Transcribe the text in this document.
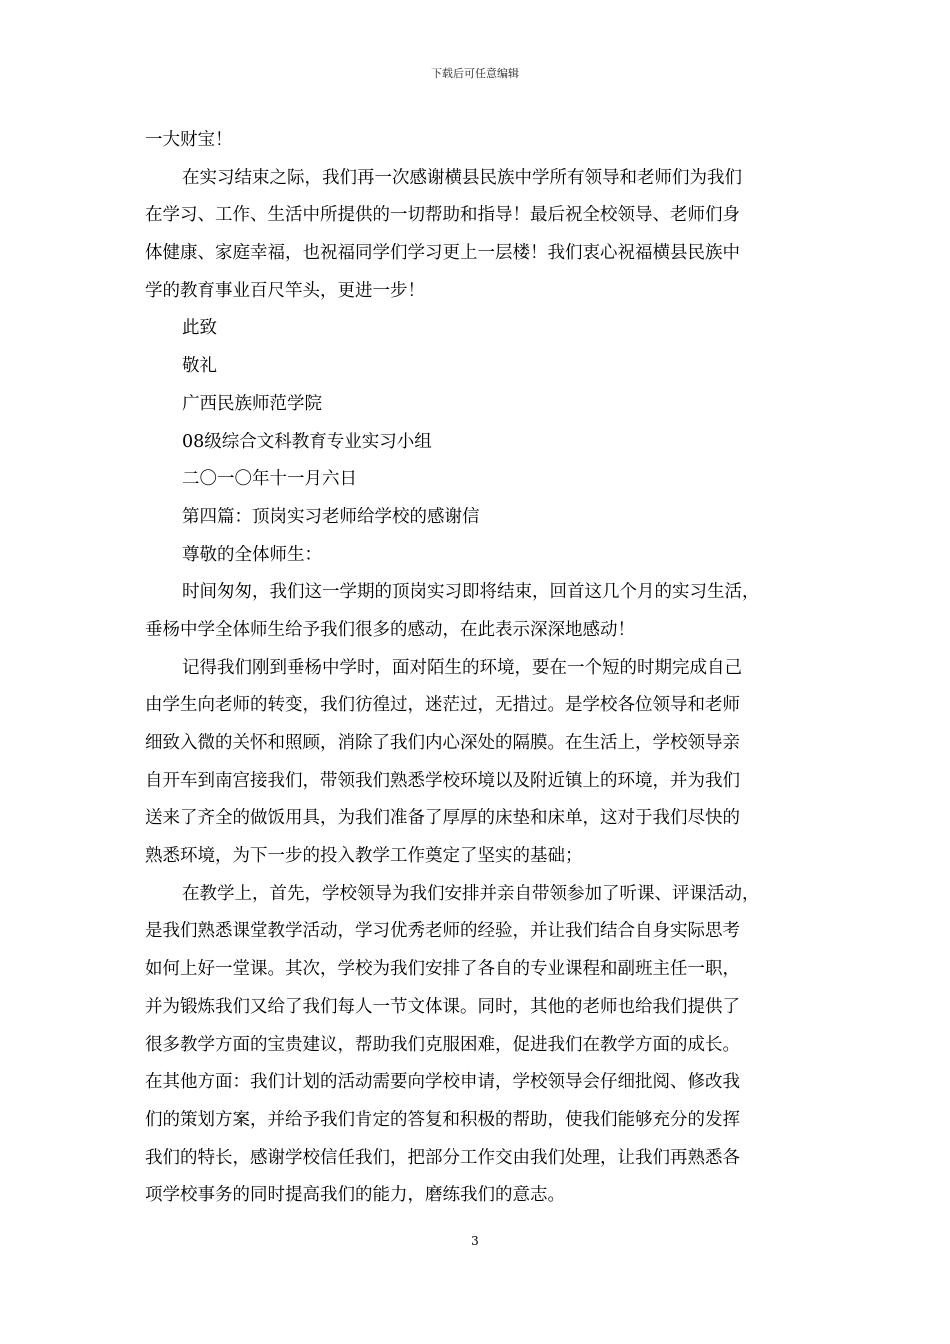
下载后可任意编辑
一大财宝！
在实习结束之际，我们再一次感谢横县民族中学所有领导和老师们为我们
在学习、工作、生活中所提供的一切帮助和指导！最后祝全校领导、老师们身
体健康、家庭幸福，也祝福同学们学习更上一层楼！我们衷心祝福横县民族中
学的教育事业百尺竿头，更进一步！
此致
敬礼
广西民族师范学院
08级综合文科教育专业实习小组
二〇一〇年十一月六日
第四篇：顶岗实习老师给学校的感谢信
尊敬的全体师生：
时间匆匆，我们这一学期的顶岗实习即将结束，回首这几个月的实习生活，
垂杨中学全体师生给予我们很多的感动，在此表示深深地感动！
记得我们刚到垂杨中学时，面对陌生的环境，要在一个短的时期完成自己
由学生向老师的转变，我们彷徨过，迷茫过，无措过。是学校各位领导和老师
细致入微的关怀和照顾，消除了我们内心深处的隔膜。在生活上，学校领导亲
自开车到南宫接我们，带领我们熟悉学校环境以及附近镇上的环境，并为我们
送来了齐全的做饭用具，为我们准备了厚厚的床垫和床单，这对于我们尽快的
熟悉环境，为下一步的投入教学工作奠定了坚实的基础；
在教学上，首先，学校领导为我们安排并亲自带领参加了听课、评课活动，
是我们熟悉课堂教学活动，学习优秀老师的经验，并让我们结合自身实际思考
如何上好一堂课。其次，学校为我们安排了各自的专业课程和副班主任一职，
并为锻炼我们又给了我们每人一节文体课。同时，其他的老师也给我们提供了
很多教学方面的宝贵建议，帮助我们克服困难，促进我们在教学方面的成长。
在其他方面：我们计划的活动需要向学校申请，学校领导会仔细批阅、修改我
们的策划方案，并给予我们肯定的答复和积极的帮助，使我们能够充分的发挥
我们的特长，感谢学校信任我们，把部分工作交由我们处理，让我们再熟悉各
项学校事务的同时提高我们的能力，磨练我们的意志。
3
